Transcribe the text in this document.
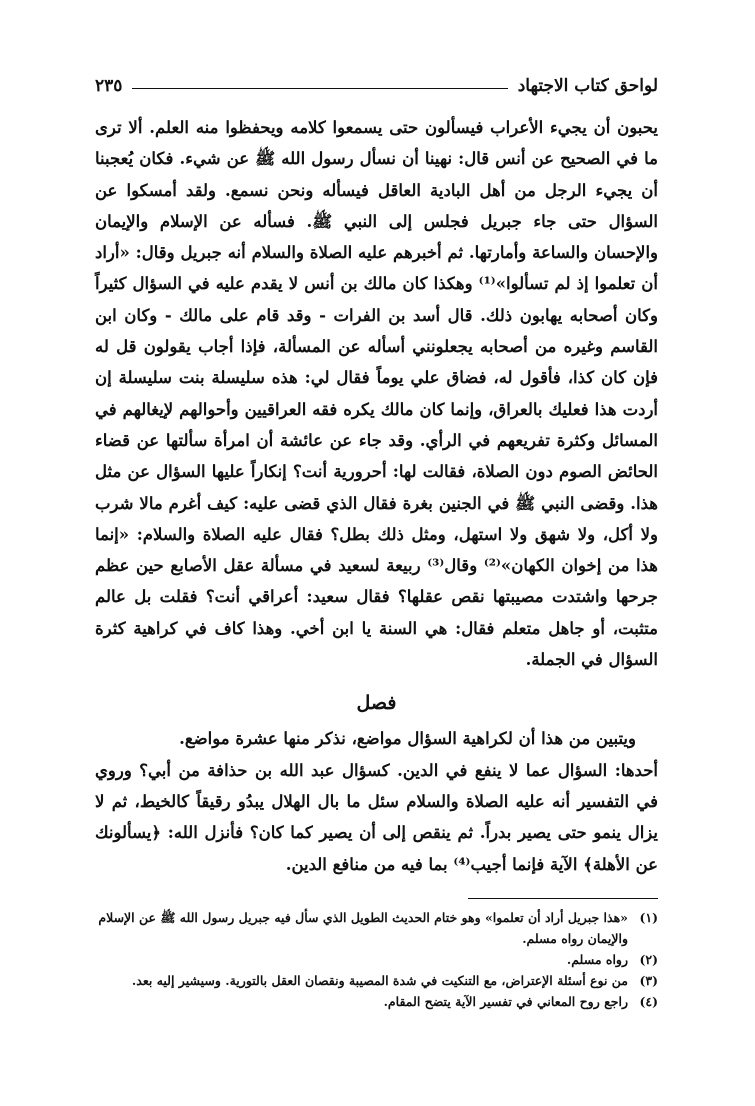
لواحق كتاب الاجتهاد
٢٣٥

يحبون أن يجيء الأعراب فيسألون حتى يسمعوا كلامه ويحفظوا منه العلم. ألا ترى ما في الصحيح عن أنس قال: نهينا أن نسأل رسول الله ﷺ عن شيء. فكان يُعجبنا أن يجيء الرجل من أهل البادية العاقل فيسأله ونحن نسمع. ولقد أمسكوا عن السؤال حتى جاء جبريل فجلس إلى النبي ﷺ. فسأله عن الإسلام والإيمان والإحسان والساعة وأمارتها. ثم أخبرهم عليه الصلاة والسلام أنه جبريل وقال: «أراد أن تعلموا إذ لم تسألوا»⁽¹⁾ وهكذا كان مالك بن أنس لا يقدم عليه في السؤال كثيراً وكان أصحابه يهابون ذلك. قال أسد بن الفرات - وقد قام على مالك - وكان ابن القاسم وغيره من أصحابه يجعلونني أسأله عن المسألة، فإذا أجاب يقولون قل له فإن كان كذا، فأقول له، فضاق علي يوماً فقال لي: هذه سليسلة بنت سليسلة إن أردت هذا فعليك بالعراق، وإنما كان مالك يكره فقه العراقيين وأحوالهم لإيغالهم في المسائل وكثرة تفريعهم في الرأي. وقد جاء عن عائشة أن امرأة سألتها عن قضاء الحائض الصوم دون الصلاة، فقالت لها: أحرورية أنت؟ إنكاراً عليها السؤال عن مثل هذا. وقضى النبي ﷺ في الجنين بغرة فقال الذي قضى عليه: كيف أغرم مالا شرب ولا أكل، ولا شهق ولا استهل، ومثل ذلك بطل؟ فقال عليه الصلاة والسلام: «إنما هذا من إخوان الكهان»⁽²⁾ وقال⁽³⁾ ربيعة لسعيد في مسألة عقل الأصابع حين عظم جرحها واشتدت مصيبتها نقص عقلها؟ فقال سعيد: أعراقي أنت؟ فقلت بل عالم متثبت، أو جاهل متعلم فقال: هي السنة يا ابن أخي. وهذا كاف في كراهية كثرة السؤال في الجملة.

فصل

ويتبين من هذا أن لكراهية السؤال مواضع، نذكر منها عشرة مواضع.

أحدها: السؤال عما لا ينفع في الدين. كسؤال عبد الله بن حذافة من أبي؟ وروي في التفسير أنه عليه الصلاة والسلام سئل ما بال الهلال يبدُو رقيقاً كالخيط، ثم لا يزال ينمو حتى يصير بدراً. ثم ينقص إلى أن يصير كما كان؟ فأنزل الله: ﴿يسألونك عن الأهلة﴾ الآية فإنما أجيب⁽⁴⁾ بما فيه من منافع الدين.

(١)
«هذا جبريل أراد أن تعلموا» وهو ختام الحديث الطويل الذي سأل فيه جبريل رسول الله ﷺ عن الإسلام والإيمان رواه مسلم.
(٢)
رواه مسلم.
(٣)
من نوع أسئلة الإعتراض، مع التنكيت في شدة المصيبة ونقصان العقل بالتورية. وسيشير إليه بعد.
(٤)
راجع روح المعاني في تفسير الآية يتضح المقام.
